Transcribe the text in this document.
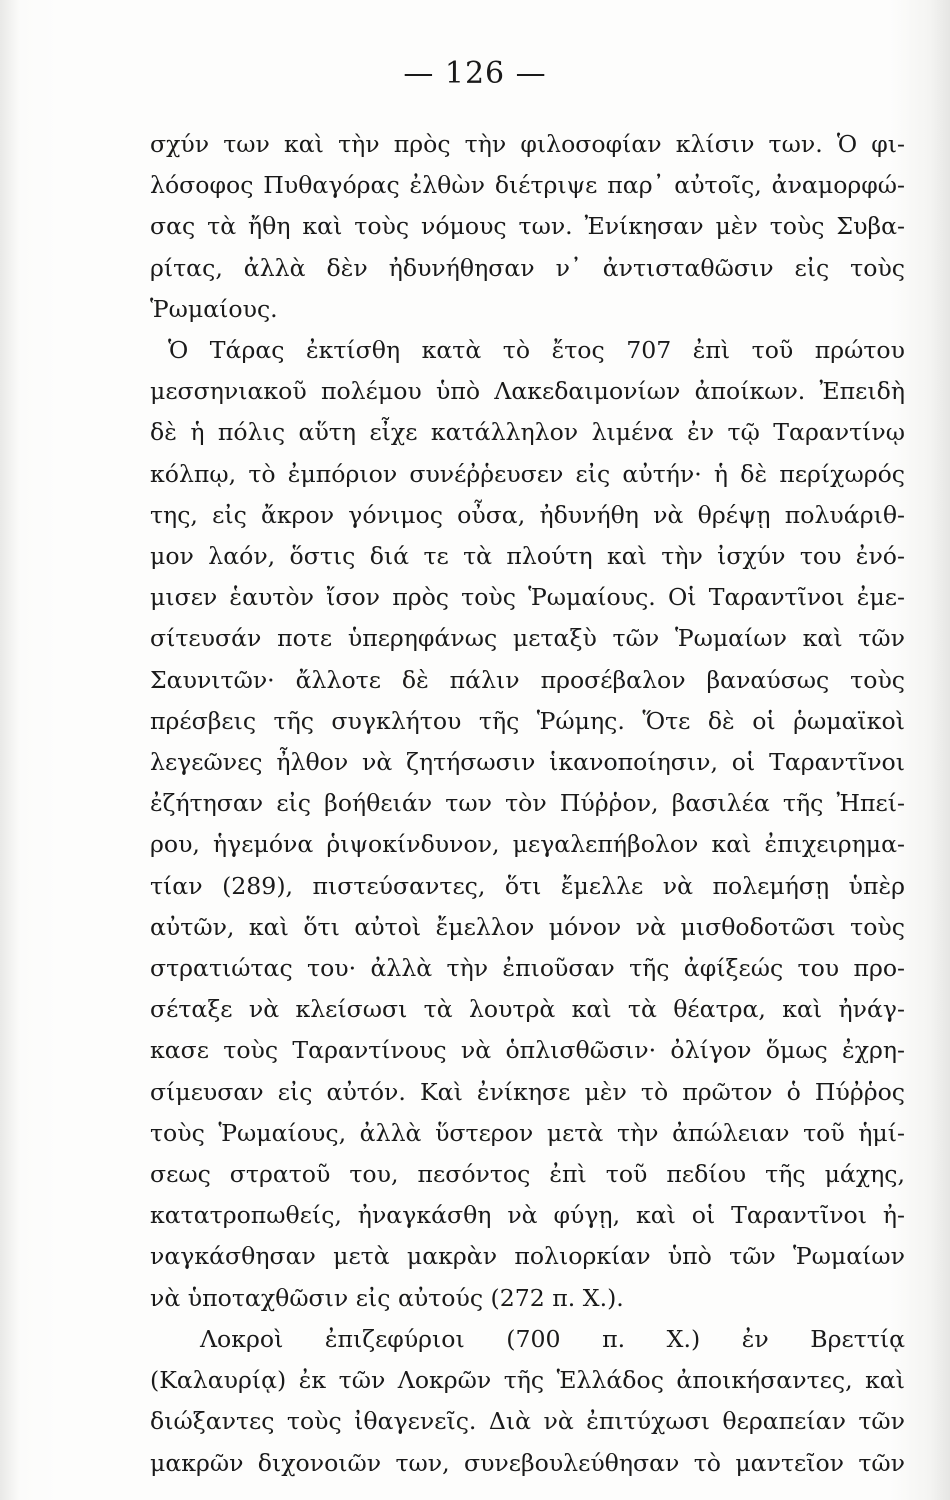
— 126 —
σχύν των καὶ τὴν πρὸς τὴν φιλοσοφίαν κλίσιν των. Ὁ φι-
λόσοφος Πυθαγόρας ἐλθὼν διέτριψε παρ᾽ αὐτοῖς, ἀναμορφώ-
σας τὰ ἤθη καὶ τοὺς νόμους των. Ἐνίκησαν μὲν τοὺς Συβα-
ρίτας, ἀλλὰ δὲν ἠδυνήθησαν ν᾽ ἀντισταθῶσιν εἰς τοὺς
Ῥωμαίους.
Ὁ Τάρας ἐκτίσθη κατὰ τὸ ἔτος 707 ἐπὶ τοῦ πρώτου
μεσσηνιακοῦ πολέμου ὑπὸ Λακεδαιμονίων ἀποίκων. Ἐπειδὴ
δὲ ἡ πόλις αὕτη εἶχε κατάλληλον λιμένα ἐν τῷ Ταραντίνῳ
κόλπῳ, τὸ ἐμπόριον συνέῤῥευσεν εἰς αὐτήν· ἡ δὲ περίχωρός
της, εἰς ἄκρον γόνιμος οὖσα, ἠδυνήθη νὰ θρέψῃ πολυάριθ-
μον λαόν, ὅστις διά τε τὰ πλούτη καὶ τὴν ἰσχύν του ἐνό-
μισεν ἑαυτὸν ἴσον πρὸς τοὺς Ῥωμαίους. Οἱ Ταραντῖνοι ἐμε-
σίτευσάν ποτε ὑπερηφάνως μεταξὺ τῶν Ῥωμαίων καὶ τῶν
Σαυνιτῶν· ἄλλοτε δὲ πάλιν προσέβαλον βαναύσως τοὺς
πρέσβεις τῆς συγκλήτου τῆς Ῥώμης. Ὅτε δὲ οἱ ῥωμαϊκοὶ
λεγεῶνες ἦλθον νὰ ζητήσωσιν ἱκανοποίησιν, οἱ Ταραντῖνοι
ἐζήτησαν εἰς βοήθειάν των τὸν Πύῤῥον, βασιλέα τῆς Ἠπεί-
ρου, ἡγεμόνα ῥιψοκίνδυνον, μεγαλεπήβολον καὶ ἐπιχειρημα-
τίαν (289), πιστεύσαντες, ὅτι ἔμελλε νὰ πολεμήσῃ ὑπὲρ
αὐτῶν, καὶ ὅτι αὐτοὶ ἔμελλον μόνον νὰ μισθοδοτῶσι τοὺς
στρατιώτας του· ἀλλὰ τὴν ἐπιοῦσαν τῆς ἀφίξεώς του προ-
σέταξε νὰ κλείσωσι τὰ λουτρὰ καὶ τὰ θέατρα, καὶ ἠνάγ-
κασε τοὺς Ταραντίνους νὰ ὁπλισθῶσιν· ὀλίγον ὅμως ἐχρη-
σίμευσαν εἰς αὐτόν. Καὶ ἐνίκησε μὲν τὸ πρῶτον ὁ Πύῤῥος
τοὺς Ῥωμαίους, ἀλλὰ ὕστερον μετὰ τὴν ἀπώλειαν τοῦ ἡμί-
σεως στρατοῦ του, πεσόντος ἐπὶ τοῦ πεδίου τῆς μάχης,
κατατροπωθείς, ἠναγκάσθη νὰ φύγῃ, καὶ οἱ Ταραντῖνοι ἠ-
ναγκάσθησαν μετὰ μακρὰν πολιορκίαν ὑπὸ τῶν Ῥωμαίων
νὰ ὑποταχθῶσιν εἰς αὐτούς (272 π. Χ.).
Λοκροὶ ἐπιζεφύριοι (700 π. Χ.) ἐν Βρεττίᾳ
(Καλαυρίᾳ) ἐκ τῶν Λοκρῶν τῆς Ἑλλάδος ἀποικήσαντες, καὶ
διώξαντες τοὺς ἰθαγενεῖς. Διὰ νὰ ἐπιτύχωσι θεραπείαν τῶν
μακρῶν διχονοιῶν των, συνεβουλεύθησαν τὸ μαντεῖον τῶν
